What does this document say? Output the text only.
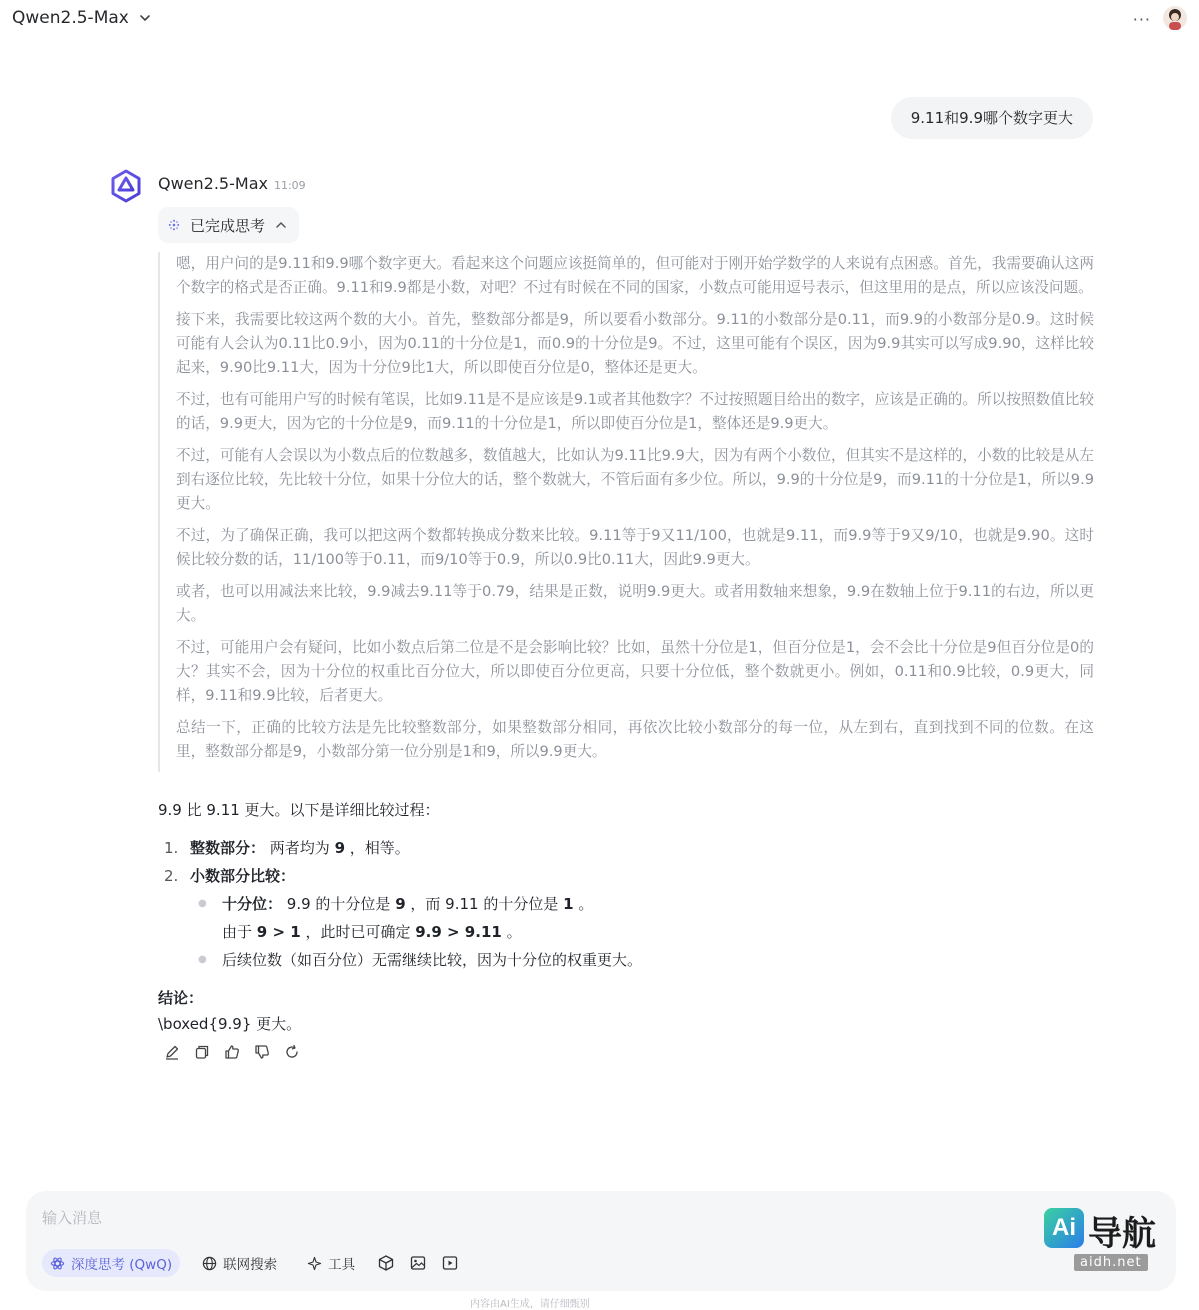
Qwen2.5-Max	···
9.11和9.9哪个数字更大
Qwen2.5-Max 11:09
已完成思考

嗯，用户问的是9.11和9.9哪个数字更大。看起来这个问题应该挺简单的，但可能对于刚开始学数学的人来说有点困惑。首先，我需要确认这两个数字的格式是否正确。9.11和9.9都是小数，对吧？不过有时候在不同的国家，小数点可能用逗号表示，但这里用的是点，所以应该没问题。

接下来，我需要比较这两个数的大小。首先，整数部分都是9，所以要看小数部分。9.11的小数部分是0.11，而9.9的小数部分是0.9。这时候可能有人会认为0.11比0.9小，因为0.11的十分位是1，而0.9的十分位是9。不过，这里可能有个误区，因为9.9其实可以写成9.90，这样比较起来，9.90比9.11大，因为十分位9比1大，所以即使百分位是0，整体还是更大。

不过，也有可能用户写的时候有笔误，比如9.11是不是应该是9.1或者其他数字？不过按照题目给出的数字，应该是正确的。所以按照数值比较的话，9.9更大，因为它的十分位是9，而9.11的十分位是1，所以即使百分位是1，整体还是9.9更大。

不过，可能有人会误以为小数点后的位数越多，数值越大，比如认为9.11比9.9大，因为有两个小数位，但其实不是这样的，小数的比较是从左到右逐位比较，先比较十分位，如果十分位大的话，整个数就大，不管后面有多少位。所以，9.9的十分位是9，而9.11的十分位是1，所以9.9更大。

不过，为了确保正确，我可以把这两个数都转换成分数来比较。9.11等于9又11/100，也就是9.11，而9.9等于9又9/10，也就是9.90。这时候比较分数的话，11/100等于0.11，而9/10等于0.9，所以0.9比0.11大，因此9.9更大。

或者，也可以用减法来比较，9.9减去9.11等于0.79，结果是正数，说明9.9更大。或者用数轴来想象，9.9在数轴上位于9.11的右边，所以更大。

不过，可能用户会有疑问，比如小数点后第二位是不是会影响比较？比如，虽然十分位是1，但百分位是1，会不会比十分位是9但百分位是0的大？其实不会，因为十分位的权重比百分位大，所以即使百分位更高，只要十分位低，整个数就更小。例如，0.11和0.9比较，0.9更大，同样，9.11和9.9比较，后者更大。

总结一下，正确的比较方法是先比较整数部分，如果整数部分相同，再依次比较小数部分的每一位，从左到右，直到找到不同的位数。在这里，整数部分都是9，小数部分第一位分别是1和9，所以9.9更大。

9.9 比 9.11 更大。以下是详细比较过程：
1. 整数部分： 两者均为 9 ，相等。
2. 小数部分比较：
●	十分位： 9.9 的十分位是 9 ，而 9.11 的十分位是 1 。
由于 9 > 1 ，此时已可确定 9.9 > 9.11 。
●	后续位数（如百分位）无需继续比较，因为十分位的权重更大。
结论：
\boxed{9.9} 更大。
输入消息
深度思考 (QwQ)	联网搜索	工具
Ai 导航
aidh.net
内容由AI生成，请仔细甄别
